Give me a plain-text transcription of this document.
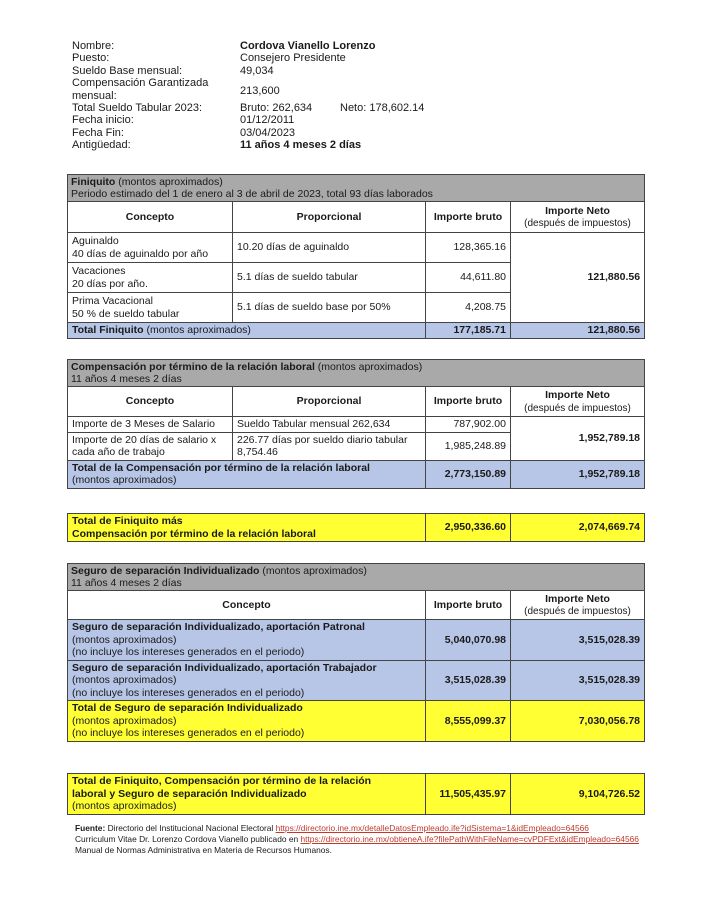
Nombre:	Cordova Vianello Lorenzo
Puesto:	Consejero Presidente
Sueldo Base mensual:	49,034
Compensación Garantizada mensual:	213,600
Total Sueldo Tabular 2023:	Bruto: 262,634	Neto: 178,602.14
Fecha inicio:	01/12/2011
Fecha Fin:	03/04/2023
Antigüedad:	11 años 4 meses 2 días
Finiquito (montos aproximados)
Periodo estimado del 1 de enero al 3 de abril de 2023, total 93 días laborados			
Concepto	Proporcional	Importe bruto	Importe Neto
(después de impuestos)
Aguinaldo
40 días de aguinaldo por año	10.20 días de aguinaldo	128,365.16	121,880.56
Vacaciones
20 días por año.	5.1 días de sueldo tabular	44,611.80	
Prima Vacacional
50 % de sueldo tabular	5.1 días de sueldo base por 50%	4,208.75	
Total Finiquito (montos aproximados)		177,185.71	121,880.56
Compensación por término de la relación laboral (montos aproximados)
11 años 4 meses 2 días			
Concepto	Proporcional	Importe bruto	Importe Neto
(después de impuestos)
Importe de 3 Meses de Salario	Sueldo Tabular mensual 262,634	787,902.00	1,952,789.18
Importe de 20 días de salario x cada año de trabajo	226.77 días por sueldo diario tabular 8,754.46	1,985,248.89	
Total de la Compensación por término de la relación laboral
(montos aproximados)		2,773,150.89	1,952,789.18
Total de Finiquito más
Compensación por término de la relación laboral	2,950,336.60	2,074,669.74
Seguro de separación Individualizado (montos aproximados)
11 años 4 meses 2 días		
Concepto	Importe bruto	Importe Neto
(después de impuestos)
Seguro de separación Individualizado, aportación Patronal
(montos aproximados)
(no incluye los intereses generados en el periodo)	5,040,070.98	3,515,028.39
Seguro de separación Individualizado, aportación Trabajador
(montos aproximados)
(no incluye los intereses generados en el periodo)	3,515,028.39	3,515,028.39
Total de Seguro de separación Individualizado
(montos aproximados)
(no incluye los intereses generados en el periodo)	8,555,099.37	7,030,056.78
Total de Finiquito, Compensación por término de la relación
laboral y Seguro de separación Individualizado
(montos aproximados)	11,505,435.97	9,104,726.52
Fuente: Directorio del Institucional Nacional Electoral https://directorio.ine.mx/detalleDatosEmpleado.ife?idSistema=1&idEmpleado=64566
Curriculum Vitae Dr. Lorenzo Cordova Vianello publicado en https://directorio.ine.mx/obtieneA.ife?filePathWithFileName=cvPDFExt&idEmpleado=64566
Manual de Normas Administrativa en Materia de Recursos Humanos.
